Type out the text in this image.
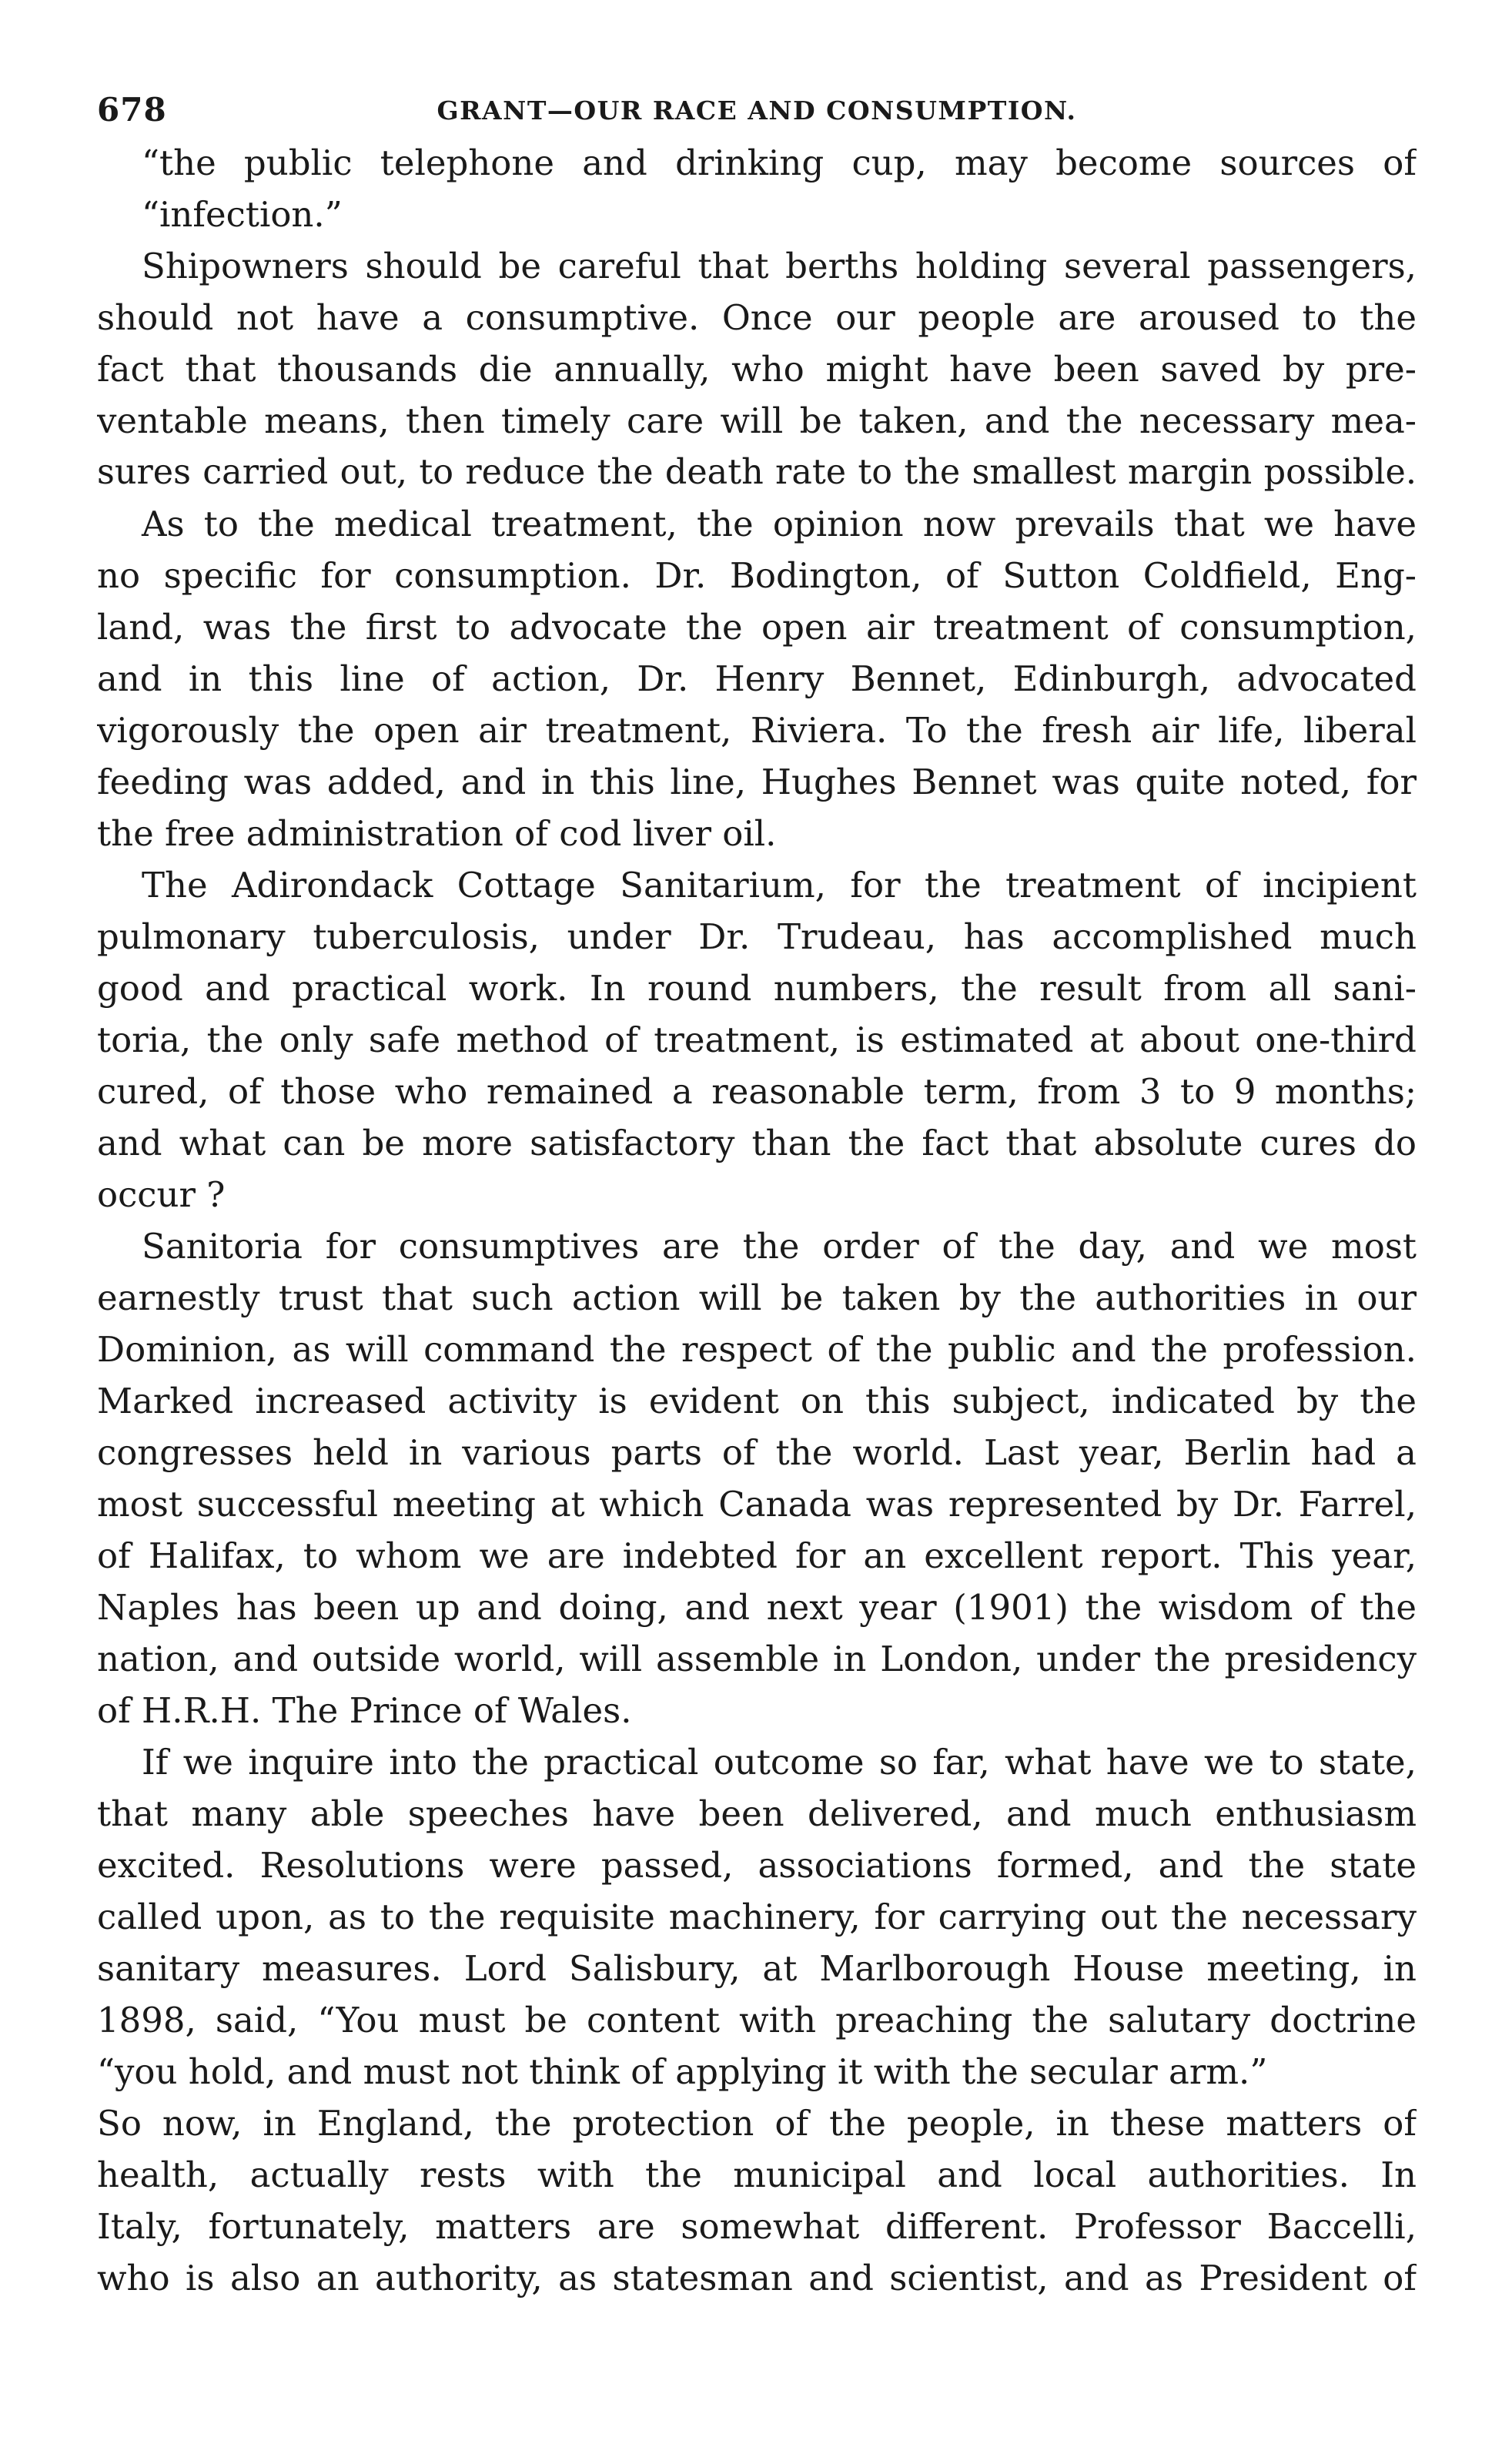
678	GRANT—OUR RACE AND CONSUMPTION.
“the public telephone and drinking cup, may become sources of
“infection.”
Shipowners should be careful that berths holding several passengers,
should not have a consumptive. Once our people are aroused to the
fact that thousands die annually, who might have been saved by pre-
ventable means, then timely care will be taken, and the necessary mea-
sures carried out, to reduce the death rate to the smallest margin possible.
As to the medical treatment, the opinion now prevails that we have
no specific for consumption. Dr. Bodington, of Sutton Coldfield, Eng-
land, was the first to advocate the open air treatment of consumption,
and in this line of action, Dr. Henry Bennet, Edinburgh, advocated
vigorously the open air treatment, Riviera. To the fresh air life, liberal
feeding was added, and in this line, Hughes Bennet was quite noted, for
the free administration of cod liver oil.
The Adirondack Cottage Sanitarium, for the treatment of incipient
pulmonary tuberculosis, under Dr. Trudeau, has accomplished much
good and practical work. In round numbers, the result from all sani-
toria, the only safe method of treatment, is estimated at about one-third
cured, of those who remained a reasonable term, from 3 to 9 months;
and what can be more satisfactory than the fact that absolute cures do
occur ?
Sanitoria for consumptives are the order of the day, and we most
earnestly trust that such action will be taken by the authorities in our
Dominion, as will command the respect of the public and the profession.
Marked increased activity is evident on this subject, indicated by the
congresses held in various parts of the world. Last year, Berlin had a
most successful meeting at which Canada was represented by Dr. Farrel,
of Halifax, to whom we are indebted for an excellent report. This year,
Naples has been up and doing, and next year (1901) the wisdom of the
nation, and outside world, will assemble in London, under the presidency
of H.R.H. The Prince of Wales.
If we inquire into the practical outcome so far, what have we to state,
that many able speeches have been delivered, and much enthusiasm
excited. Resolutions were passed, associations formed, and the state
called upon, as to the requisite machinery, for carrying out the necessary
sanitary measures. Lord Salisbury, at Marlborough House meeting, in
1898, said, “You must be content with preaching the salutary doctrine
“you hold, and must not think of applying it with the secular arm.”
So now, in England, the protection of the people, in these matters of
health, actually rests with the municipal and local authorities. In
Italy, fortunately, matters are somewhat different. Professor Baccelli,
who is also an authority, as statesman and scientist, and as President of
